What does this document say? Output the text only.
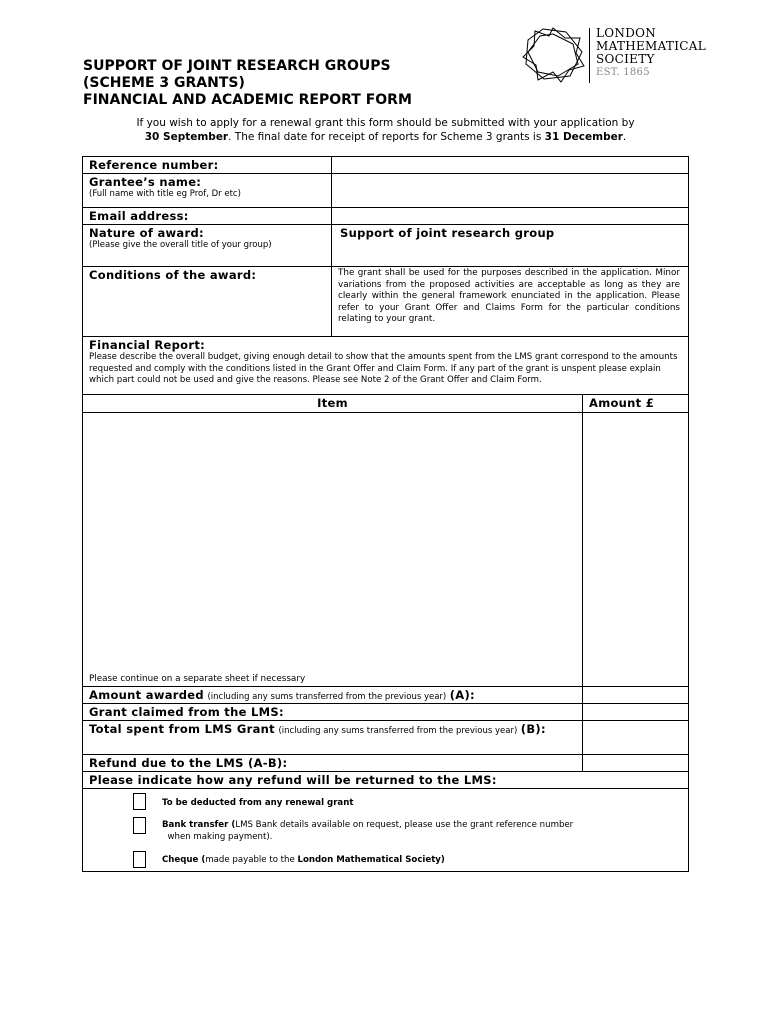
SUPPORT OF JOINT RESEARCH GROUPS
(SCHEME 3 GRANTS)
FINANCIAL AND ACADEMIC REPORT FORM
LONDON
MATHEMATICAL
SOCIETY
EST. 1865
If you wish to apply for a renewal grant this form should be submitted with your application by
30 September. The final date for receipt of reports for Scheme 3 grants is 31 December.
Reference number:		
Grantee’s name:
(Full name with title eg Prof, Dr etc)		

Email address:		
Nature of award:
(Please give the overall title of your group)	Support of joint research group	
Conditions of the award:	The grant shall be used for the purposes described in the application. Minor variations from the proposed activities are acceptable as long as they are clearly within the general framework enunciated in the application. Please refer to your Grant Offer and Claims Form for the particular conditions relating to your grant.	
Financial Report:
Please describe the overall budget, giving enough detail to show that the amounts spent from the LMS grant correspond to the amounts requested and comply with the conditions listed in the Grant Offer and Claim Form. If any part of the grant is unspent please explain which part could not be used and give the reasons. Please see Note 2 of the Grant Offer and Claim Form.		

Item		Amount £
Please continue on a separate sheet if necessary		
Amount awarded (including any sums transferred from the previous year) (A):		
Grant claimed from the LMS:		
Total spent from LMS Grant (including any sums transferred from the previous year) (B):		
Refund due to the LMS (A-B):		
Please indicate how any refund will be returned to the LMS:		

To be deducted from any renewal grant
Bank transfer (LMS Bank details available on request, please use the grant reference number
when making payment).
Cheque (made payable to the London Mathematical Society)		
